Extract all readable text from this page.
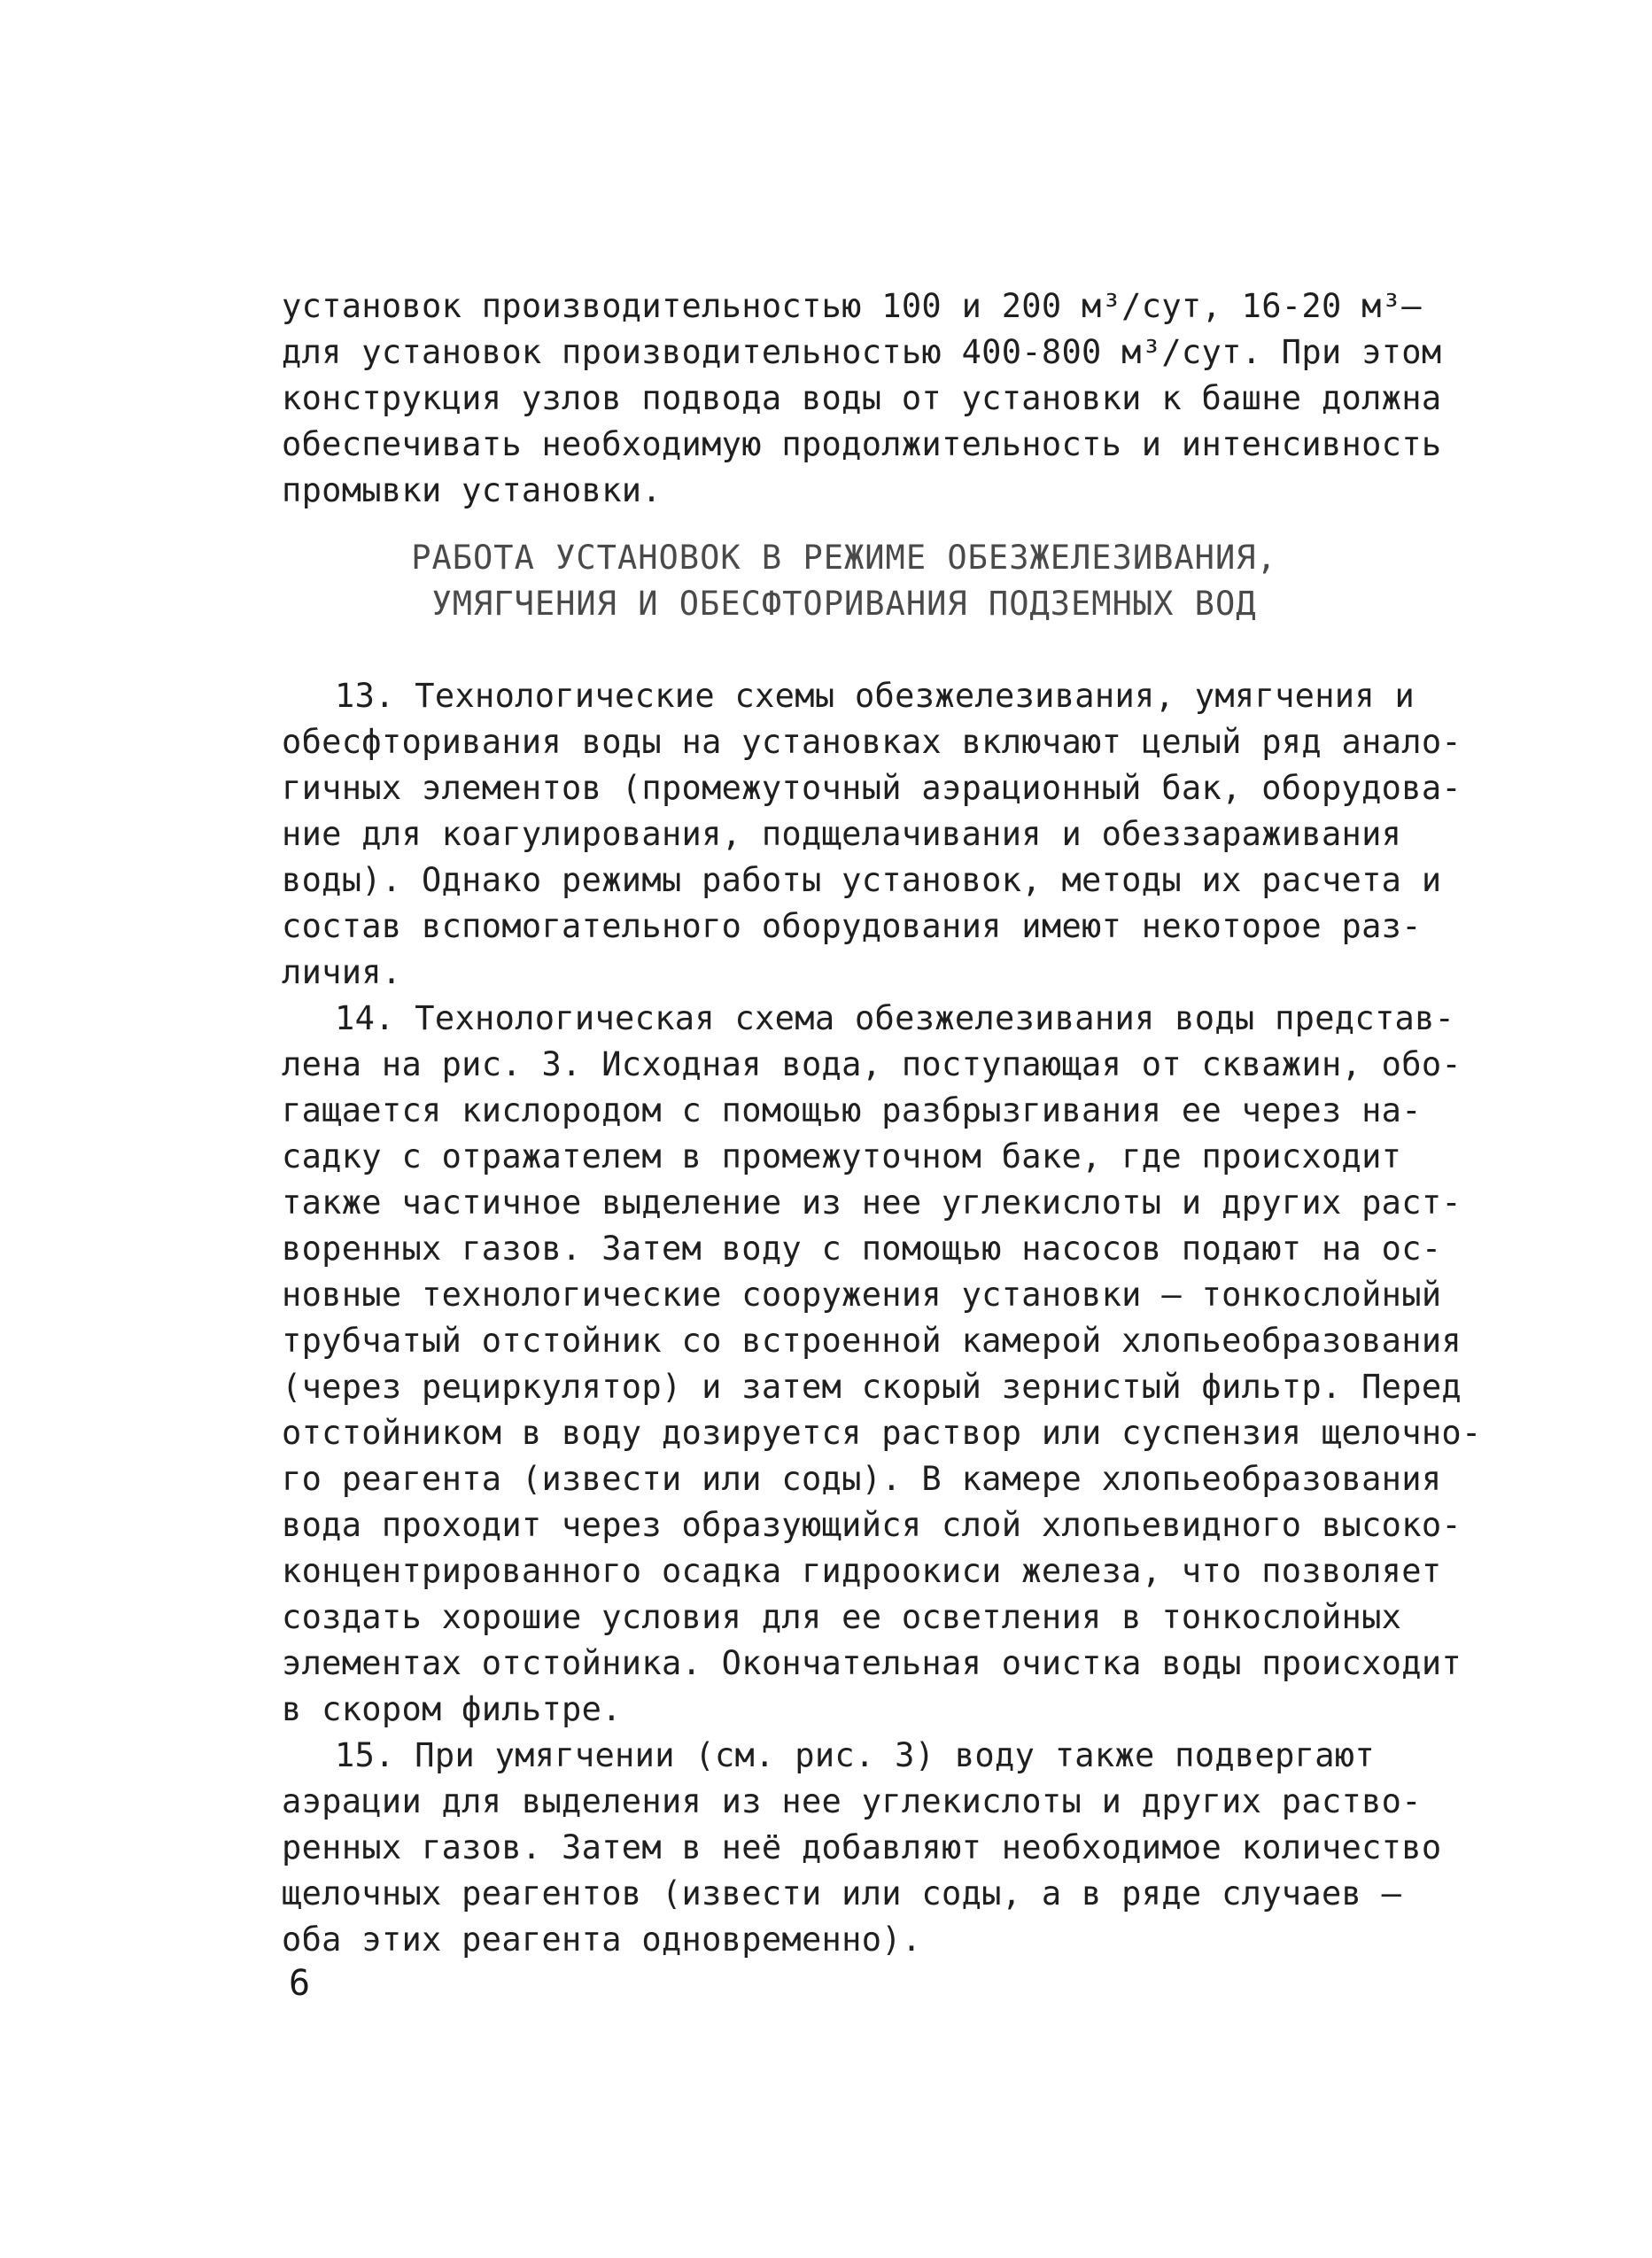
установок производительностью 100 и 200 м³/сут, 16-20 м³—
для установок производительностью 400-800 м³/сут. При этом
конструкция узлов подвода воды от установки к башне должна
обеспечивать необходимую продолжительность и интенсивность
промывки установки.
РАБОТА УСТАНОВОК В РЕЖИМЕ ОБЕЗЖЕЛЕЗИВАНИЯ,
УМЯГЧЕНИЯ И ОБЕСФТОРИВАНИЯ ПОДЗЕМНЫХ ВОД
13. Технологические схемы обезжелезивания, умягчения и
обесфторивания воды на установках включают целый ряд анало-
гичных элементов (промежуточный аэрационный бак, оборудова-
ние для коагулирования, подщелачивания и обеззараживания
воды). Однако режимы работы установок, методы их расчета и
состав вспомогательного оборудования имеют некоторое раз-
личия.
14. Технологическая схема обезжелезивания воды представ-
лена на рис. 3. Исходная вода, поступающая от скважин, обо-
гащается кислородом с помощью разбрызгивания ее через на-
садку с отражателем в промежуточном баке, где происходит
также частичное выделение из нее углекислоты и других раст-
воренных газов. Затем воду с помощью насосов подают на ос-
новные технологические сооружения установки — тонкослойный
трубчатый отстойник со встроенной камерой хлопьеобразования
(через рециркулятор) и затем скорый зернистый фильтр. Перед
отстойником в воду дозируется раствор или суспензия щелочно-
го реагента (извести или соды). В камере хлопьеобразования
вода проходит через образующийся слой хлопьевидного высоко-
концентрированного осадка гидроокиси железа, что позволяет
создать хорошие условия для ее осветления в тонкослойных
элементах отстойника. Окончательная очистка воды происходит
в скором фильтре.
15. При умягчении (см. рис. 3) воду также подвергают
аэрации для выделения из нее углекислоты и других раство-
ренных газов. Затем в неё добавляют необходимое количество
щелочных реагентов (извести или соды, а в ряде случаев —
оба этих реагента одновременно).
6
